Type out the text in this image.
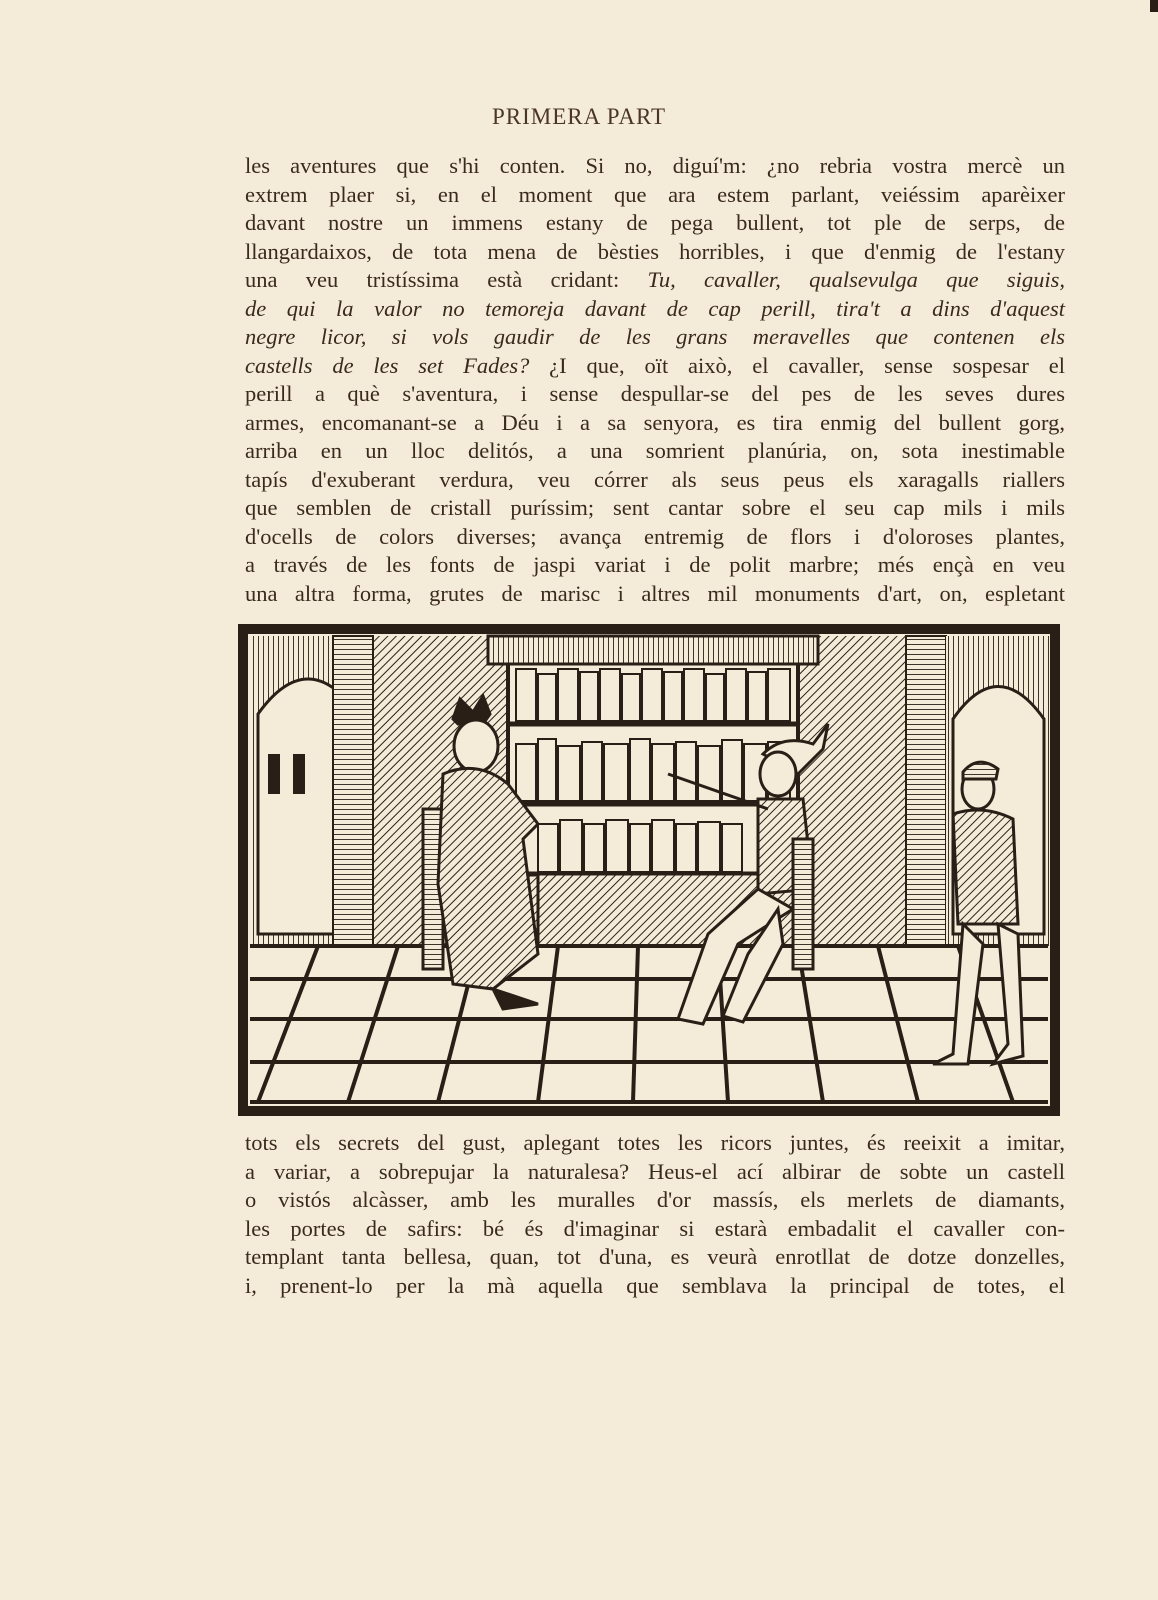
PRIMERA PART
les aventures que s'hi conten. Si no, diguí'm: ¿no rebria vostra mercè un
extrem plaer si, en el moment que ara estem parlant, veiéssim aparèixer
davant nostre un immens estany de pega bullent, tot ple de serps, de
llangardaixos, de tota mena de bèsties horribles, i que d'enmig de l'estany
una veu tristíssima està cridant: Tu, cavaller, qualsevulga que siguis,
de qui la valor no temoreja davant de cap perill, tira't a dins d'aquest
negre licor, si vols gaudir de les grans meravelles que contenen els
castells de les set Fades? ¿I que, oït això, el cavaller, sense sospesar el
perill a què s'aventura, i sense despullar-se del pes de les seves dures
armes, encomanant-se a Déu i a sa senyora, es tira enmig del bullent gorg,
arriba en un lloc delitós, a una somrient planúria, on, sota inestimable
tapís d'exuberant verdura, veu córrer als seus peus els xaragalls riallers
que semblen de cristall puríssim; sent cantar sobre el seu cap mils i mils
d'ocells de colors diverses; avança entremig de flors i d'oloroses plantes,
a través de les fonts de jaspi variat i de polit marbre; més ençà en veu
una altra forma, grutes de marisc i altres mil monuments d'art, on, espletant
tots els secrets del gust, aplegant totes les ricors juntes, és reeixit a imitar,
a variar, a sobrepujar la naturalesa? Heus-el ací albirar de sobte un castell
o vistós alcàsser, amb les muralles d'or massís, els merlets de diamants,
les portes de safirs: bé és d'imaginar si estarà embadalit el cavaller con-
templant tanta bellesa, quan, tot d'una, es veurà enrotllat de dotze donzelles,
i, prenent-lo per la mà aquella que semblava la principal de totes, el
